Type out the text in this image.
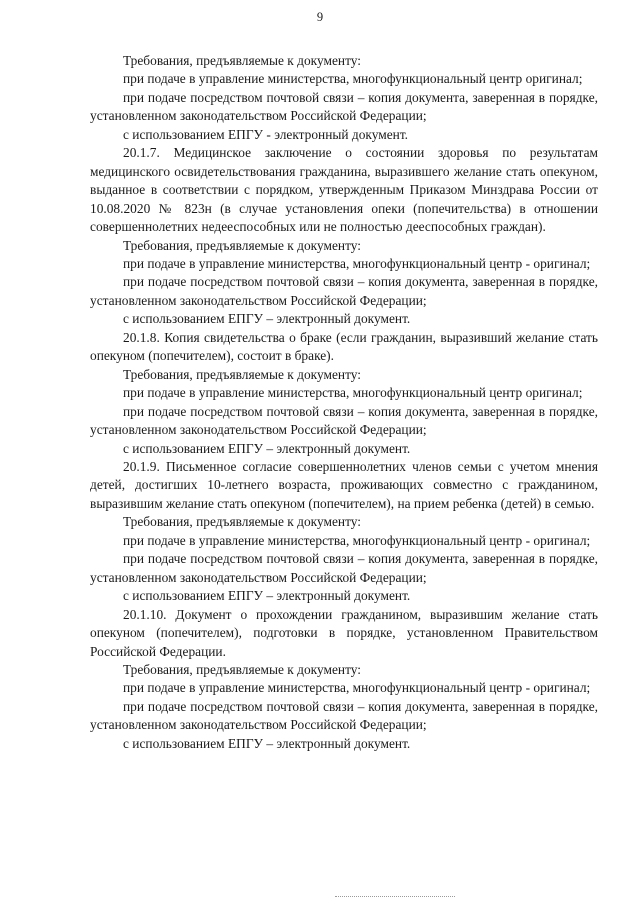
9

Требования, предъявляемые к документу:

при подаче в управление министерства, многофункциональный центр оригинал;

при подаче посредством почтовой связи – копия документа, заверенная в порядке, установленном законодательством Российской Федерации;

с использованием ЕПГУ - электронный документ.

20.1.7. Медицинское заключение о состоянии здоровья по результатам медицинского освидетельствования гражданина, выразившего желание стать опекуном, выданное в соответствии с порядком, утвержденным Приказом Минздрава России от 10.08.2020 № 823н (в случае установления опеки (попечительства) в отношении совершеннолетних недееспособных или не полностью дееспособных граждан).

Требования, предъявляемые к документу:

при подаче в управление министерства, многофункциональный центр - оригинал;

при подаче посредством почтовой связи – копия документа, заверенная в порядке, установленном законодательством Российской Федерации;

с использованием ЕПГУ – электронный документ.

20.1.8. Копия свидетельства о браке (если гражданин, выразивший желание стать опекуном (попечителем), состоит в браке).

Требования, предъявляемые к документу:

при подаче в управление министерства, многофункциональный центр оригинал;

при подаче посредством почтовой связи – копия документа, заверенная в порядке, установленном законодательством Российской Федерации;

с использованием ЕПГУ – электронный документ.

20.1.9. Письменное согласие совершеннолетних членов семьи с учетом мнения детей, достигших 10-летнего возраста, проживающих совместно с гражданином, выразившим желание стать опекуном (попечителем), на прием ребенка (детей) в семью.

Требования, предъявляемые к документу:

при подаче в управление министерства, многофункциональный центр - оригинал;

при подаче посредством почтовой связи – копия документа, заверенная в порядке, установленном законодательством Российской Федерации;

с использованием ЕПГУ – электронный документ.

20.1.10. Документ о прохождении гражданином, выразившим желание стать опекуном (попечителем), подготовки в порядке, установленном Правительством Российской Федерации.

Требования, предъявляемые к документу:

при подаче в управление министерства, многофункциональный центр - оригинал;

при подаче посредством почтовой связи – копия документа, заверенная в порядке, установленном законодательством Российской Федерации;

с использованием ЕПГУ – электронный документ.
